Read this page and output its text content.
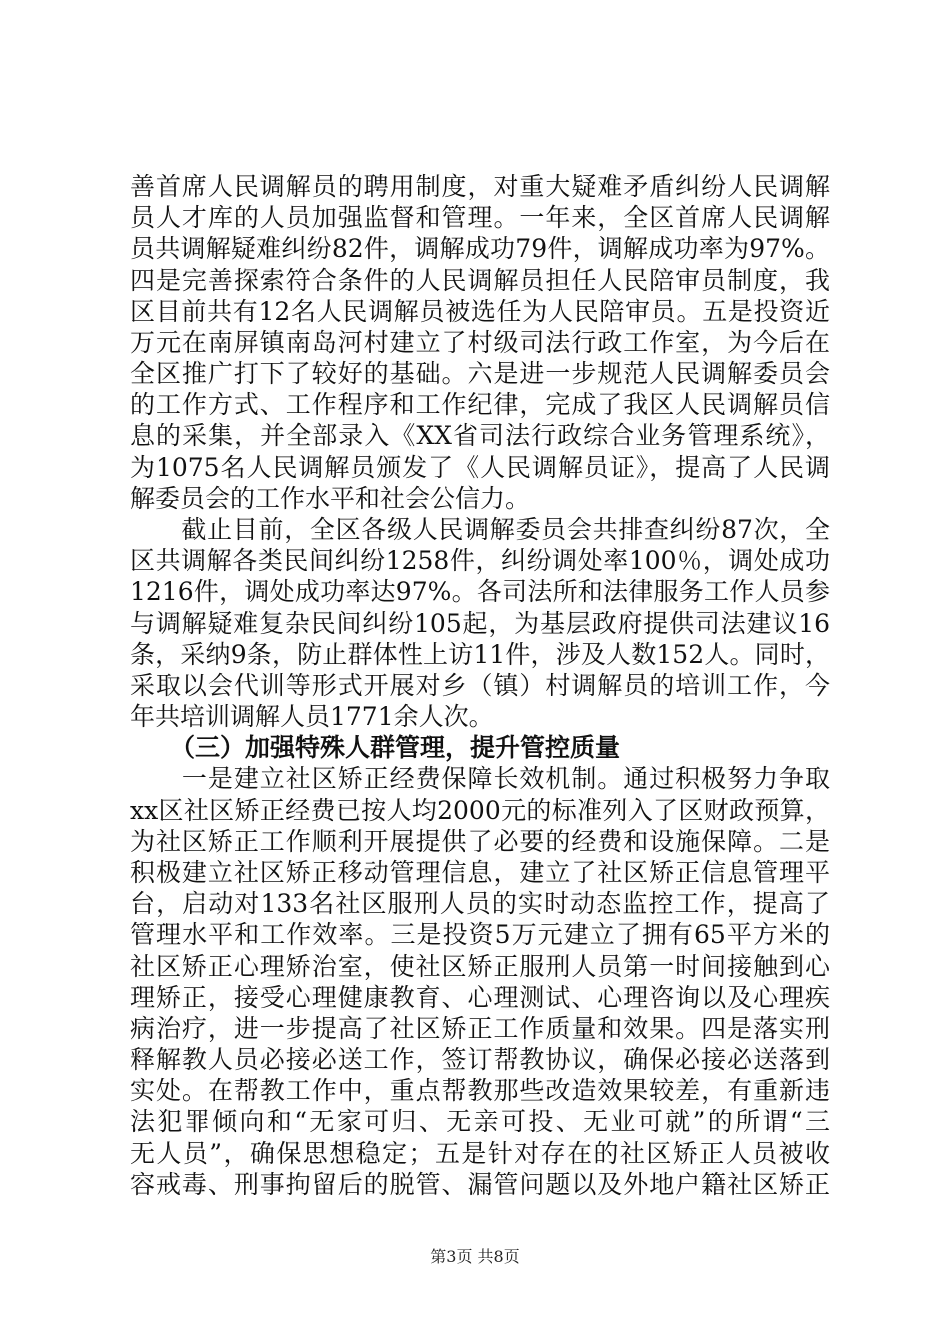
善首席人民调解员的聘用制度，对重大疑难矛盾纠纷人民调解
员人才库的人员加强监督和管理。一年来，全区首席人民调解
员共调解疑难纠纷82件，调解成功79件，调解成功率为97%。
四是完善探索符合条件的人民调解员担任人民陪审员制度，我
区目前共有12名人民调解员被选任为人民陪审员。五是投资近
万元在南屏镇南岛河村建立了村级司法行政工作室，为今后在
全区推广打下了较好的基础。六是进一步规范人民调解委员会
的工作方式、工作程序和工作纪律，完成了我区人民调解员信
息的采集，并全部录入《XX省司法行政综合业务管理系统》，
为1075名人民调解员颁发了《人民调解员证》，提高了人民调
解委员会的工作水平和社会公信力。
　　截止目前，全区各级人民调解委员会共排查纠纷87次，全
区共调解各类民间纠纷1258件，纠纷调处率100％，调处成功
1216件，调处成功率达97%。各司法所和法律服务工作人员参
与调解疑难复杂民间纠纷105起，为基层政府提供司法建议16
条，采纳9条，防止群体性上访11件，涉及人数152人。同时，
采取以会代训等形式开展对乡（镇）村调解员的培训工作，今
年共培训调解人员1771余人次。
（三）加强特殊人群管理，提升管控质量
　　一是建立社区矫正经费保障长效机制。通过积极努力争取
xx区社区矫正经费已按人均2000元的标准列入了区财政预算，
为社区矫正工作顺利开展提供了必要的经费和设施保障。二是
积极建立社区矫正移动管理信息，建立了社区矫正信息管理平
台，启动对133名社区服刑人员的实时动态监控工作，提高了
管理水平和工作效率。三是投资5万元建立了拥有65平方米的
社区矫正心理矫治室，使社区矫正服刑人员第一时间接触到心
理矫正，接受心理健康教育、心理测试、心理咨询以及心理疾
病治疗，进一步提高了社区矫正工作质量和效果。四是落实刑
释解教人员必接必送工作，签订帮教协议，确保必接必送落到
实处。在帮教工作中，重点帮教那些改造效果较差，有重新违
法犯罪倾向和“无家可归、无亲可投、无业可就”的所谓“三
无人员”，确保思想稳定；五是针对存在的社区矫正人员被收
容戒毒、刑事拘留后的脱管、漏管问题以及外地户籍社区矫正
第3页 共8页
